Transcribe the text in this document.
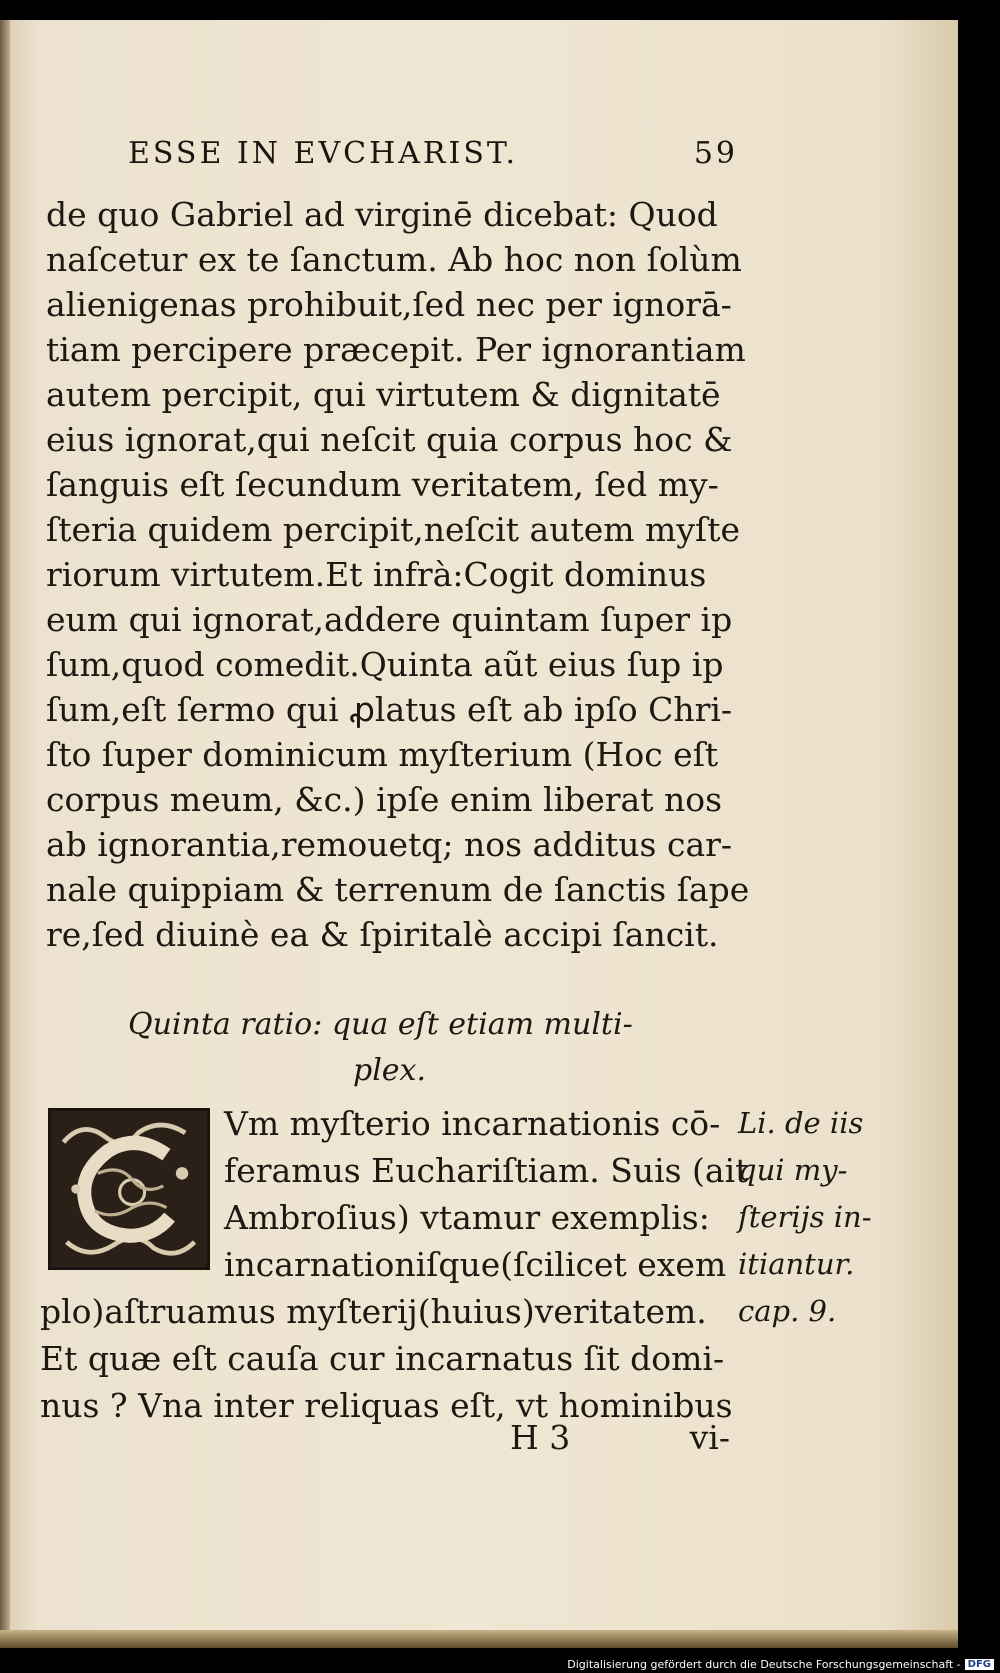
ESSE IN EVCHARIST.	59
de quo Gabriel ad virginē dicebat: Quod
naſcetur ex te ſanctum. Ab hoc non ſolùm
alienigenas prohibuit,ſed nec per ignorā-
tiam percipere præcepit. Per ignorantiam
autem percipit, qui virtutem & dignitatē
eius ignorat,qui neſcit quia corpus hoc &
ſanguis eſt ſecundum veritatem, ſed my-
ſteria quidem percipit,neſcit autem myſte
riorum virtutem.Et infrà:Cogit dominus
eum qui ignorat,addere quintam ſuper ip
ſum,quod comedit.Quinta aũt eius ſup ip
ſum,eſt ſermo qui ꝓlatus eſt ab ipſo Chri-
ſto ſuper dominicum myſterium (Hoc eſt
corpus meum, &c.) ipſe enim liberat nos
ab ignorantia,remouetq; nos additus car-
nale quippiam & terrenum de ſanctis ſape
re,ſed diuinè ea & ſpiritalè accipi ſancit.
Quinta ratio: qua eſt etiam multi-
plex.
Vm myſterio incarnationis cō-
feramus Euchariſtiam. Suis (ait
Ambroſius) vtamur exemplis:
incarnationiſque(ſcilicet exem
Li. de iis
qui my-
ſterijs in-
itiantur.
cap. 9.
plo)aſtruamus myſterij(huius)veritatem.
Et quæ eſt cauſa cur incarnatus ſit domi-
nus ? Vna inter reliquas eſt, vt hominibus
H 3	vi-
Digitalisierung gefördert durch die Deutsche Forschungsgemeinschaft - DFG
